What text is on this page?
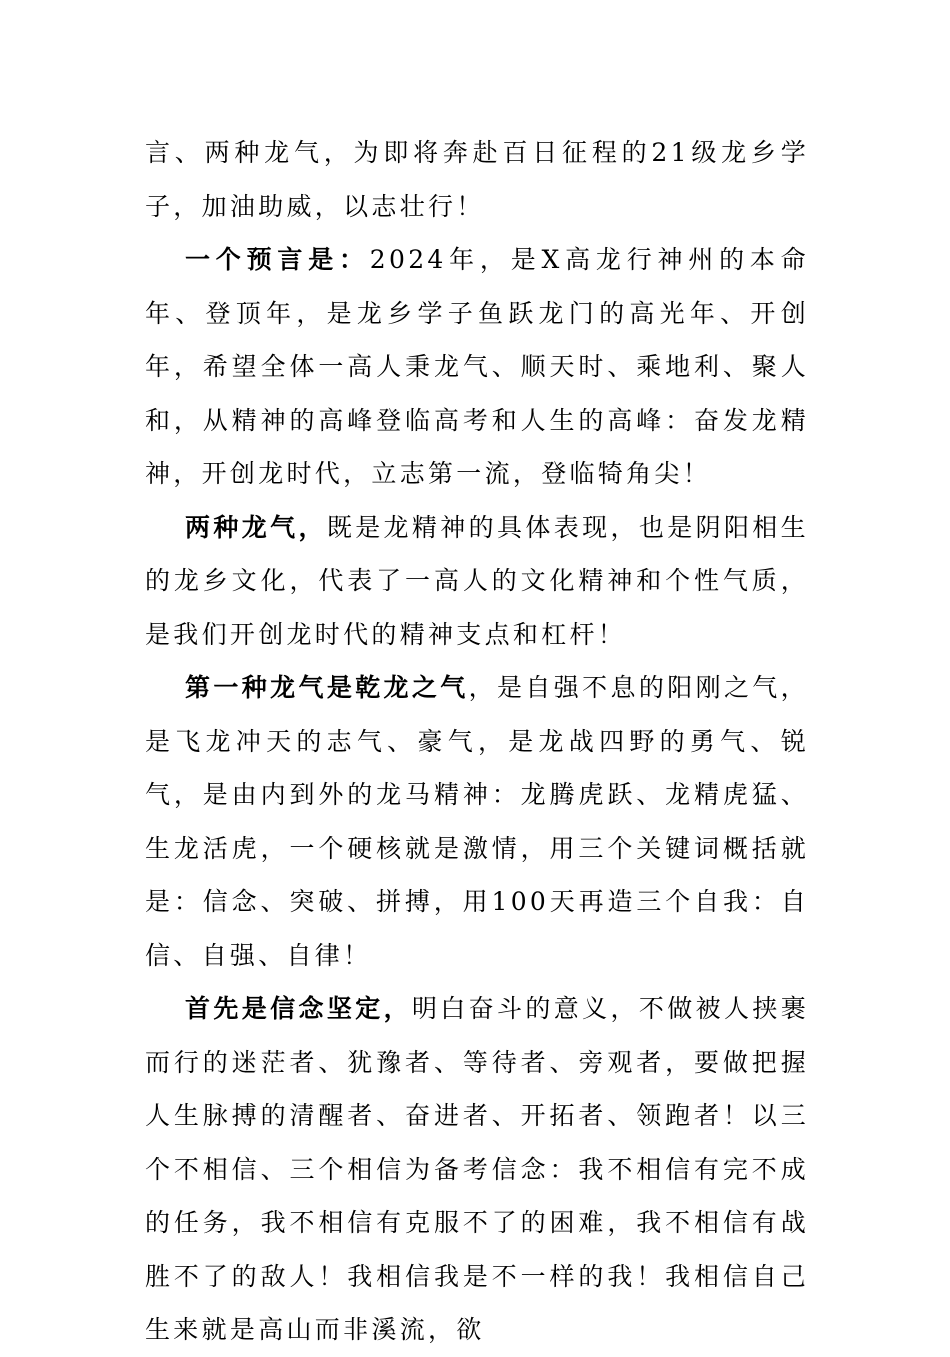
言、两种龙气，为即将奔赴百日征程的21级龙乡学子，加油助威，以志壮行！

一个预言是：2024年，是X高龙行神州的本命年、登顶年，是龙乡学子鱼跃龙门的高光年、开创年，希望全体一高人秉龙气、顺天时、乘地利、聚人和，从精神的高峰登临高考和人生的高峰：奋发龙精神，开创龙时代，立志第一流，登临犄角尖！

两种龙气，既是龙精神的具体表现，也是阴阳相生的龙乡文化，代表了一高人的文化精神和个性气质，是我们开创龙时代的精神支点和杠杆！

第一种龙气是乾龙之气，是自强不息的阳刚之气，是飞龙冲天的志气、豪气，是龙战四野的勇气、锐气，是由内到外的龙马精神：龙腾虎跃、龙精虎猛、生龙活虎，一个硬核就是激情，用三个关键词概括就是：信念、突破、拼搏，用100天再造三个自我：自信、自强、自律！

首先是信念坚定，明白奋斗的意义，不做被人挟裹而行的迷茫者、犹豫者、等待者、旁观者，要做把握人生脉搏的清醒者、奋进者、开拓者、领跑者！以三个不相信、三个相信为备考信念：我不相信有完不成的任务，我不相信有克服不了的困难，我不相信有战胜不了的敌人！我相信我是不一样的我！我相信自己生来就是高山而非溪流，欲
